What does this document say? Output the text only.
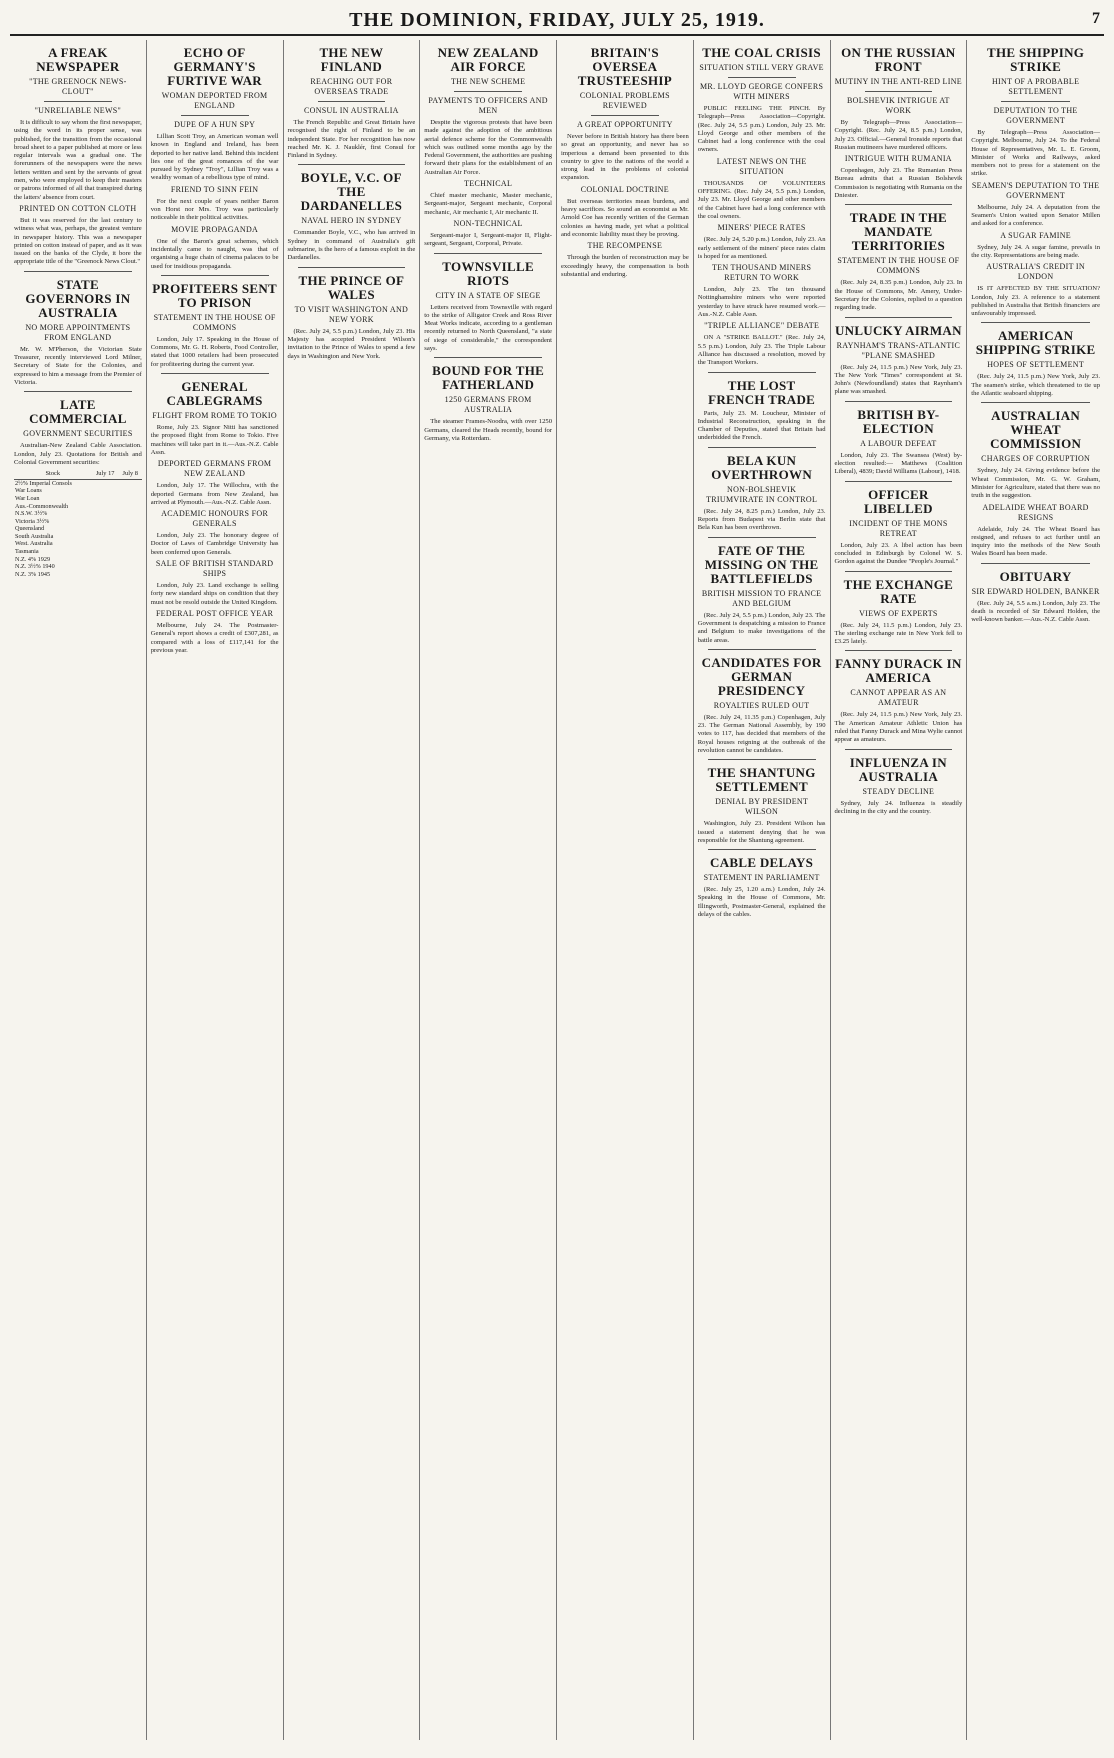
THE DOMINION, FRIDAY, JULY 25, 1919.	7
A FREAK NEWSPAPER
"THE GREENOCK NEWS-CLOUT"
"UNRELIABLE NEWS"

It is difficult to say whom the first newspaper, using the word in its proper sense, was published, for the transition from the occasional broad sheet to a paper published at more or less regular intervals was a gradual one. The forerunners of the newspapers were the news letters written and sent by the servants of great men, who were employed to keep their masters or patrons informed of all that transpired during the latters' absence from court.

PRINTED ON COTTON CLOTH

But it was reserved for the last century to witness what was, perhaps, the greatest venture in newspaper history. This was a newspaper printed on cotton instead of paper, and as it was issued on the banks of the Clyde, it bore the appropriate title of the "Greenock News Clout."

STATE GOVERNORS IN AUSTRALIA
NO MORE APPOINTMENTS FROM ENGLAND

Mr. W. M'Pherson, the Victorian State Treasurer, recently interviewed Lord Milner, Secretary of State for the Colonies, and expressed to him a message from the Premier of Victoria.

LATE COMMERCIAL
GOVERNMENT SECURITIES

Australian-New Zealand Cable Association. London, July 23. Quotations for British and Colonial Government securities:

Stock	July 17	July 8
2½% Imperial Consols		
War Loans		
War Loan		
Aus.-Commonwealth		
N.S.W. 3½%		
Victoria 3½%		
Queensland		
South Australia		
West. Australia		
Tasmania		
N.Z. 4% 1929		
N.Z. 3½% 1940		
N.Z. 3% 1945		
ECHO OF GERMANY'S FURTIVE WAR
WOMAN DEPORTED FROM ENGLAND
DUPE OF A HUN SPY

Lillian Scott Troy, an American woman well known in England and Ireland, has been deported to her native land. Behind this incident lies one of the great romances of the war pursued by Sydney "Troy", Lillian Troy was a wealthy woman of a rebellious type of mind.

FRIEND TO SINN FEIN

For the next couple of years neither Baron von Horst nor Mrs. Troy was particularly noticeable in their political activities.

MOVIE PROPAGANDA

One of the Baron's great schemes, which incidentally came to naught, was that of organising a huge chain of cinema palaces to be used for insidious propaganda.

PROFITEERS SENT TO PRISON
STATEMENT IN THE HOUSE OF COMMONS

London, July 17. Speaking in the House of Commons, Mr. G. H. Roberts, Food Controller, stated that 1000 retailers had been prosecuted for profiteering during the current year.

GENERAL CABLEGRAMS
FLIGHT FROM ROME TO TOKIO

Rome, July 23. Signor Nitti has sanctioned the proposed flight from Rome to Tokio. Five machines will take part in it.—Aus.-N.Z. Cable Assn.

DEPORTED GERMANS FROM NEW ZEALAND

London, July 17. The Willochra, with the deported Germans from New Zealand, has arrived at Plymouth.—Aus.-N.Z. Cable Assn.

ACADEMIC HONOURS FOR GENERALS

London, July 23. The honorary degree of Doctor of Laws of Cambridge University has been conferred upon Generals.

SALE OF BRITISH STANDARD SHIPS

London, July 23. Land exchange is selling forty new standard ships on condition that they must not be resold outside the United Kingdom.

FEDERAL POST OFFICE YEAR

Melbourne, July 24. The Postmaster-General's report shows a credit of £307,281, as compared with a loss of £117,141 for the previous year.

THE NEW FINLAND
REACHING OUT FOR OVERSEAS TRADE
CONSUL IN AUSTRALIA

The French Republic and Great Britain have recognised the right of Finland to be an independent State. For her recognition has now reached Mr. K. J. Nauklér, first Consul for Finland in Sydney.

BOYLE, V.C. OF THE DARDANELLES
NAVAL HERO IN SYDNEY

Commander Boyle, V.C., who has arrived in Sydney in command of Australia's gift submarine, is the hero of a famous exploit in the Dardanelles.

THE PRINCE OF WALES
TO VISIT WASHINGTON AND NEW YORK

(Rec. July 24, 5.5 p.m.) London, July 23. His Majesty has accepted President Wilson's invitation to the Prince of Wales to spend a few days in Washington and New York.

NEW ZEALAND AIR FORCE
THE NEW SCHEME
PAYMENTS TO OFFICERS AND MEN

Despite the vigorous protests that have been made against the adoption of the ambitious aerial defence scheme for the Commonwealth which was outlined some months ago by the Federal Government, the authorities are pushing forward their plans for the establishment of an Australian Air Force.

TECHNICAL

Chief master mechanic, Master mechanic, Sergeant-major, Sergeant mechanic, Corporal mechanic, Air mechanic I, Air mechanic II.

NON-TECHNICAL

Sergeant-major I, Sergeant-major II, Flight-sergeant, Sergeant, Corporal, Private.

TOWNSVILLE RIOTS
CITY IN A STATE OF SIEGE

Letters received from Townsville with regard to the strike of Alligator Creek and Ross River Meat Works indicate, according to a gentleman recently returned to North Queensland, "a state of siege of considerable," the correspondent says.

BOUND FOR THE FATHERLAND
1250 GERMANS FROM AUSTRALIA

The steamer Frames-Noodra, with over 1250 Germans, cleared the Heads recently, bound for Germany, via Rotterdam.

BRITAIN'S OVERSEA TRUSTEESHIP
COLONIAL PROBLEMS REVIEWED
A GREAT OPPORTUNITY

Never before in British history has there been so great an opportunity, and never has so imperious a demand been presented to this country to give to the nations of the world a strong lead in the problems of colonial expansion.

COLONIAL DOCTRINE

But overseas territories mean burdens, and heavy sacrifices. So sound an economist as Mr. Arnold Coe has recently written of the German colonies as having made, yet what a political and economic liability must they be proving.

THE RECOMPENSE

Through the burden of reconstruction may be exceedingly heavy, the compensation is both substantial and enduring.

THE COAL CRISIS
SITUATION STILL VERY GRAVE
MR. LLOYD GEORGE CONFERS WITH MINERS

PUBLIC FEELING THE PINCH. By Telegraph—Press Association—Copyright. (Rec. July 24, 5.5 p.m.) London, July 23. Mr. Lloyd George and other members of the Cabinet had a long conference with the coal owners.

LATEST NEWS ON THE SITUATION

THOUSANDS OF VOLUNTEERS OFFERING. (Rec. July 24, 5.5 p.m.) London, July 23. Mr. Lloyd George and other members of the Cabinet have had a long conference with the coal owners.

MINERS' PIECE RATES

(Rec. July 24, 5.20 p.m.) London, July 23. An early settlement of the miners' piece rates claim is hoped for as mentioned.

TEN THOUSAND MINERS RETURN TO WORK

London, July 23. The ten thousand Nottinghamshire miners who were reported yesterday to have struck have resumed work.—Aus.-N.Z. Cable Assn.

"TRIPLE ALLIANCE" DEBATE

ON A "STRIKE BALLOT." (Rec. July 24, 5.5 p.m.) London, July 23. The Triple Labour Alliance has discussed a resolution, moved by the Transport Workers.

THE LOST FRENCH TRADE

Paris, July 23. M. Loucheur, Minister of Industrial Reconstruction, speaking in the Chamber of Deputies, stated that Britain had underbidded the French.

BELA KUN OVERTHROWN
NON-BOLSHEVIK TRIUMVIRATE IN CONTROL

(Rec. July 24, 8.25 p.m.) London, July 23. Reports from Budapest via Berlin state that Bela Kun has been overthrown.

FATE OF THE MISSING ON THE BATTLEFIELDS
BRITISH MISSION TO FRANCE AND BELGIUM

(Rec. July 24, 5.5 p.m.) London, July 23. The Government is despatching a mission to France and Belgium to make investigations of the battle areas.

CANDIDATES FOR GERMAN PRESIDENCY
ROYALTIES RULED OUT

(Rec. July 24, 11.35 p.m.) Copenhagen, July 23. The German National Assembly, by 190 votes to 117, has decided that members of the Royal houses reigning at the outbreak of the revolution cannot be candidates.

THE SHANTUNG SETTLEMENT
DENIAL BY PRESIDENT WILSON

Washington, July 23. President Wilson has issued a statement denying that he was responsible for the Shantung agreement.

CABLE DELAYS
STATEMENT IN PARLIAMENT

(Rec. July 25, 1.20 a.m.) London, July 24. Speaking in the House of Commons, Mr. Illingworth, Postmaster-General, explained the delays of the cables.

ON THE RUSSIAN FRONT
MUTINY IN THE ANTI-RED LINE
BOLSHEVIK INTRIGUE AT WORK

By Telegraph—Press Association—Copyright. (Rec. July 24, 8.5 p.m.) London, July 23. Official.—General Ironside reports that Russian mutineers have murdered officers.

INTRIGUE WITH RUMANIA

Copenhagen, July 23. The Rumanian Press Bureau admits that a Russian Bolshevik Commission is negotiating with Rumania on the Dniester.

TRADE IN THE MANDATE TERRITORIES
STATEMENT IN THE HOUSE OF COMMONS

(Rec. July 24, 8.35 p.m.) London, July 23. In the House of Commons, Mr. Amery, Under-Secretary for the Colonies, replied to a question regarding trade.

UNLUCKY AIRMAN
RAYNHAM'S TRANS-ATLANTIC "PLANE SMASHED

(Rec. July 24, 11.5 p.m.) New York, July 23. The New York "Times" correspondent at St. John's (Newfoundland) states that Raynham's plane was smashed.

BRITISH BY-ELECTION
A LABOUR DEFEAT

London, July 23. The Swansea (West) by-election resulted:— Matthews (Coalition Liberal), 4839; David Williams (Labour), 1418.

OFFICER LIBELLED
INCIDENT OF THE MONS RETREAT

London, July 23. A libel action has been concluded in Edinburgh by Colonel W. S. Gordon against the Dundee "People's Journal."

THE EXCHANGE RATE
VIEWS OF EXPERTS

(Rec. July 24, 11.5 p.m.) London, July 23. The sterling exchange rate in New York fell to £3.25 lately.

FANNY DURACK IN AMERICA
CANNOT APPEAR AS AN AMATEUR

(Rec. July 24, 11.5 p.m.) New York, July 23. The American Amateur Athletic Union has ruled that Fanny Durack and Mina Wylie cannot appear as amateurs.

INFLUENZA IN AUSTRALIA
STEADY DECLINE

Sydney, July 24. Influenza is steadily declining in the city and the country.

THE SHIPPING STRIKE
HINT OF A PROBABLE SETTLEMENT
DEPUTATION TO THE GOVERNMENT

By Telegraph—Press Association—Copyright. Melbourne, July 24. To the Federal House of Representatives, Mr. L. E. Groom, Minister of Works and Railways, asked members not to press for a statement on the strike.

SEAMEN'S DEPUTATION TO THE GOVERNMENT

Melbourne, July 24. A deputation from the Seamen's Union waited upon Senator Millen and asked for a conference.

A SUGAR FAMINE

Sydney, July 24. A sugar famine, prevails in the city. Representations are being made.

AUSTRALIA'S CREDIT IN LONDON

IS IT AFFECTED BY THE SITUATION? London, July 23. A reference to a statement published in Australia that British financiers are unfavourably impressed.

AMERICAN SHIPPING STRIKE
HOPES OF SETTLEMENT

(Rec. July 24, 11.5 p.m.) New York, July 23. The seamen's strike, which threatened to tie up the Atlantic seaboard shipping.

AUSTRALIAN WHEAT COMMISSION
CHARGES OF CORRUPTION

Sydney, July 24. Giving evidence before the Wheat Commission, Mr. G. W. Graham, Minister for Agriculture, stated that there was no truth in the suggestion.

ADELAIDE WHEAT BOARD RESIGNS

Adelaide, July 24. The Wheat Board has resigned, and refuses to act further until an inquiry into the methods of the New South Wales Board has been made.

OBITUARY
SIR EDWARD HOLDEN, BANKER

(Rec. July 24, 5.5 a.m.) London, July 23. The death is recorded of Sir Edward Holden, the well-known banker.—Aus.-N.Z. Cable Assn.
